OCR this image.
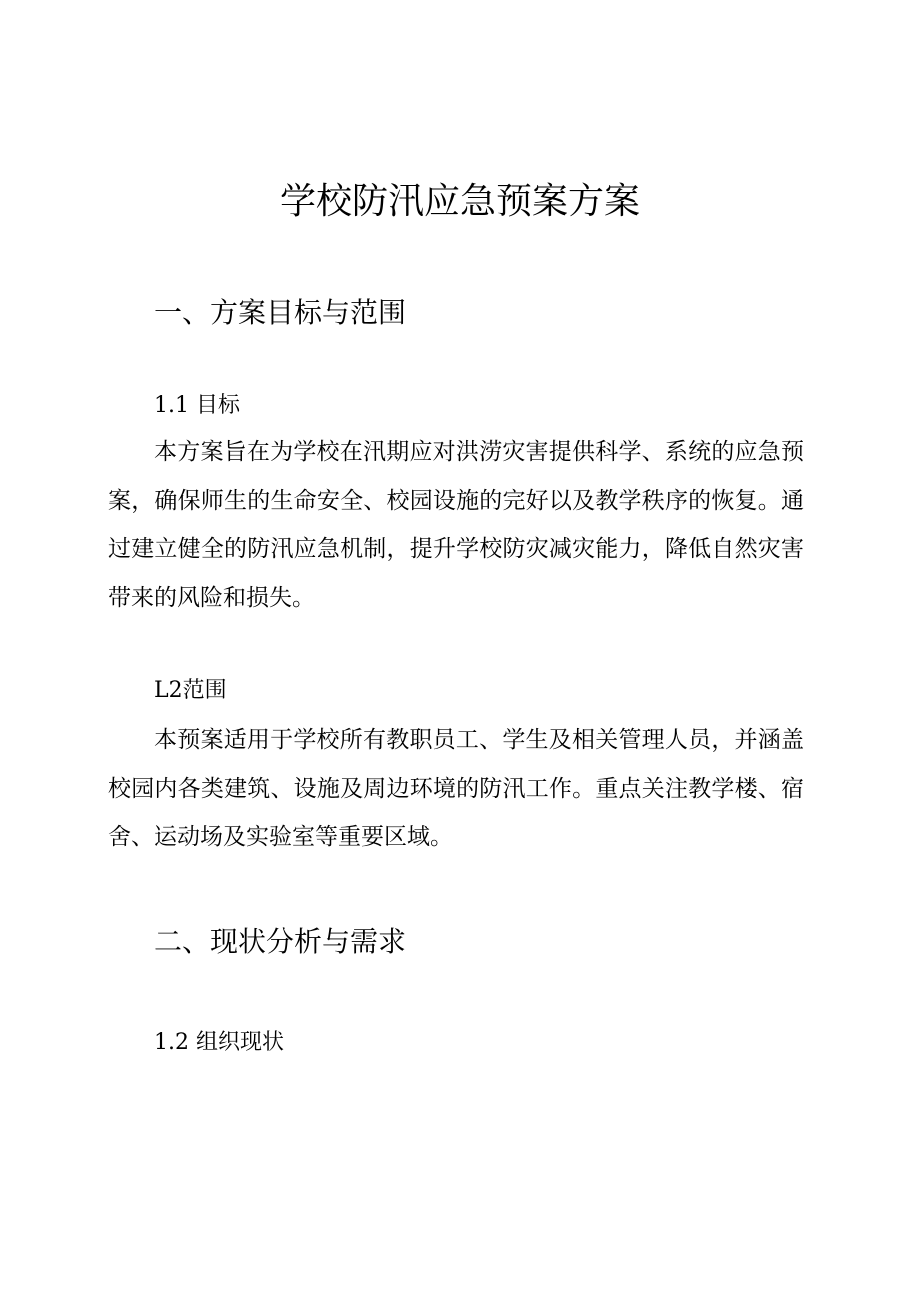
学校防汛应急预案方案
一、方案目标与范围
1.1 目标

本方案旨在为学校在汛期应对洪涝灾害提供科学、系统的应急预案，确保师生的生命安全、校园设施的完好以及教学秩序的恢复。通过建立健全的防汛应急机制，提升学校防灾减灾能力，降低自然灾害带来的风险和损失。

L2范围

本预案适用于学校所有教职员工、学生及相关管理人员，并涵盖校园内各类建筑、设施及周边环境的防汛工作。重点关注教学楼、宿舍、运动场及实验室等重要区域。

二、现状分析与需求
1.2 组织现状
